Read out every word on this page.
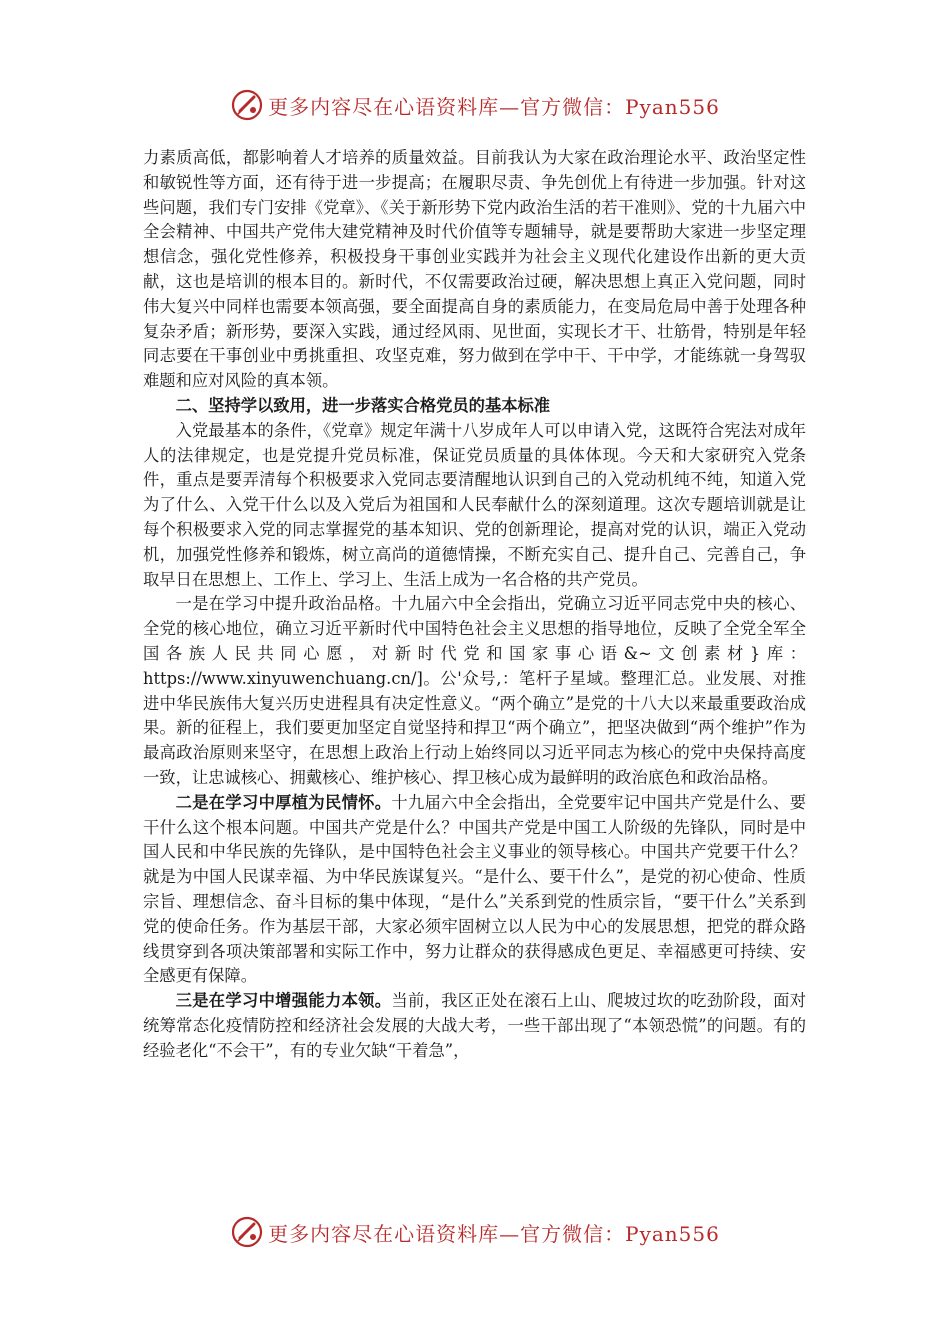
更多内容尽在心语资料库—官方微信：Pyan556

力素质高低，都影响着人才培养的质量效益。目前我认为大家在政治理论水平、政治坚定性和敏锐性等方面，还有待于进一步提高；在履职尽责、争先创优上有待进一步加强。针对这些问题，我们专门安排《党章》、《关于新形势下党内政治生活的若干准则》、党的十九届六中全会精神、中国共产党伟大建党精神及时代价值等专题辅导，就是要帮助大家进一步坚定理想信念，强化党性修养，积极投身干事创业实践并为社会主义现代化建设作出新的更大贡献，这也是培训的根本目的。新时代，不仅需要政治过硬，解决思想上真正入党问题，同时伟大复兴中同样也需要本领高强，要全面提高自身的素质能力，在变局危局中善于处理各种复杂矛盾；新形势，要深入实践，通过经风雨、见世面，实现长才干、壮筋骨，特别是年轻同志要在干事创业中勇挑重担、攻坚克难，努力做到在学中干、干中学，才能练就一身驾驭难题和应对风险的真本领。

二、坚持学以致用，进一步落实合格党员的基本标准

入党最基本的条件，《党章》规定年满十八岁成年人可以申请入党，这既符合宪法对成年人的法律规定，也是党提升党员标准，保证党员质量的具体体现。今天和大家研究入党条件，重点是要弄清每个积极要求入党同志要清醒地认识到自己的入党动机纯不纯，知道入党为了什么、入党干什么以及入党后为祖国和人民奉献什么的深刻道理。这次专题培训就是让每个积极要求入党的同志掌握党的基本知识、党的创新理论，提高对党的认识，端正入党动机，加强党性修养和锻炼，树立高尚的道德情操，不断充实自己、提升自己、完善自己，争取早日在思想上、工作上、学习上、生活上成为一名合格的共产党员。

一是在学习中提升政治品格。十九届六中全会指出，党确立习近平同志党中央的核心、全党的核心地位，确立习近平新时代中国特色社会主义思想的指导地位，反映了全党全军全国各族人民共同心愿，对新时代党和国家事心语&~文创素材}库：https://www.xinyuwenchuang.cn/]。公'众号,：笔杆子星域。整理汇总。业发展、对推进中华民族伟大复兴历史进程具有决定性意义。“两个确立”是党的十八大以来最重要政治成果。新的征程上，我们要更加坚定自觉坚持和捍卫“两个确立”，把坚决做到“两个维护”作为最高政治原则来坚守，在思想上政治上行动上始终同以习近平同志为核心的党中央保持高度一致，让忠诚核心、拥戴核心、维护核心、捍卫核心成为最鲜明的政治底色和政治品格。

二是在学习中厚植为民情怀。十九届六中全会指出，全党要牢记中国共产党是什么、要干什么这个根本问题。中国共产党是什么？中国共产党是中国工人阶级的先锋队，同时是中国人民和中华民族的先锋队，是中国特色社会主义事业的领导核心。中国共产党要干什么？就是为中国人民谋幸福、为中华民族谋复兴。“是什么、要干什么”，是党的初心使命、性质宗旨、理想信念、奋斗目标的集中体现，“是什么”关系到党的性质宗旨，“要干什么”关系到党的使命任务。作为基层干部，大家必须牢固树立以人民为中心的发展思想，把党的群众路线贯穿到各项决策部署和实际工作中，努力让群众的获得感成色更足、幸福感更可持续、安全感更有保障。

三是在学习中增强能力本领。当前，我区正处在滚石上山、爬坡过坎的吃劲阶段，面对统筹常态化疫情防控和经济社会发展的大战大考，一些干部出现了“本领恐慌”的问题。有的经验老化“不会干”，有的专业欠缺“干着急”，

更多内容尽在心语资料库—官方微信：Pyan556
